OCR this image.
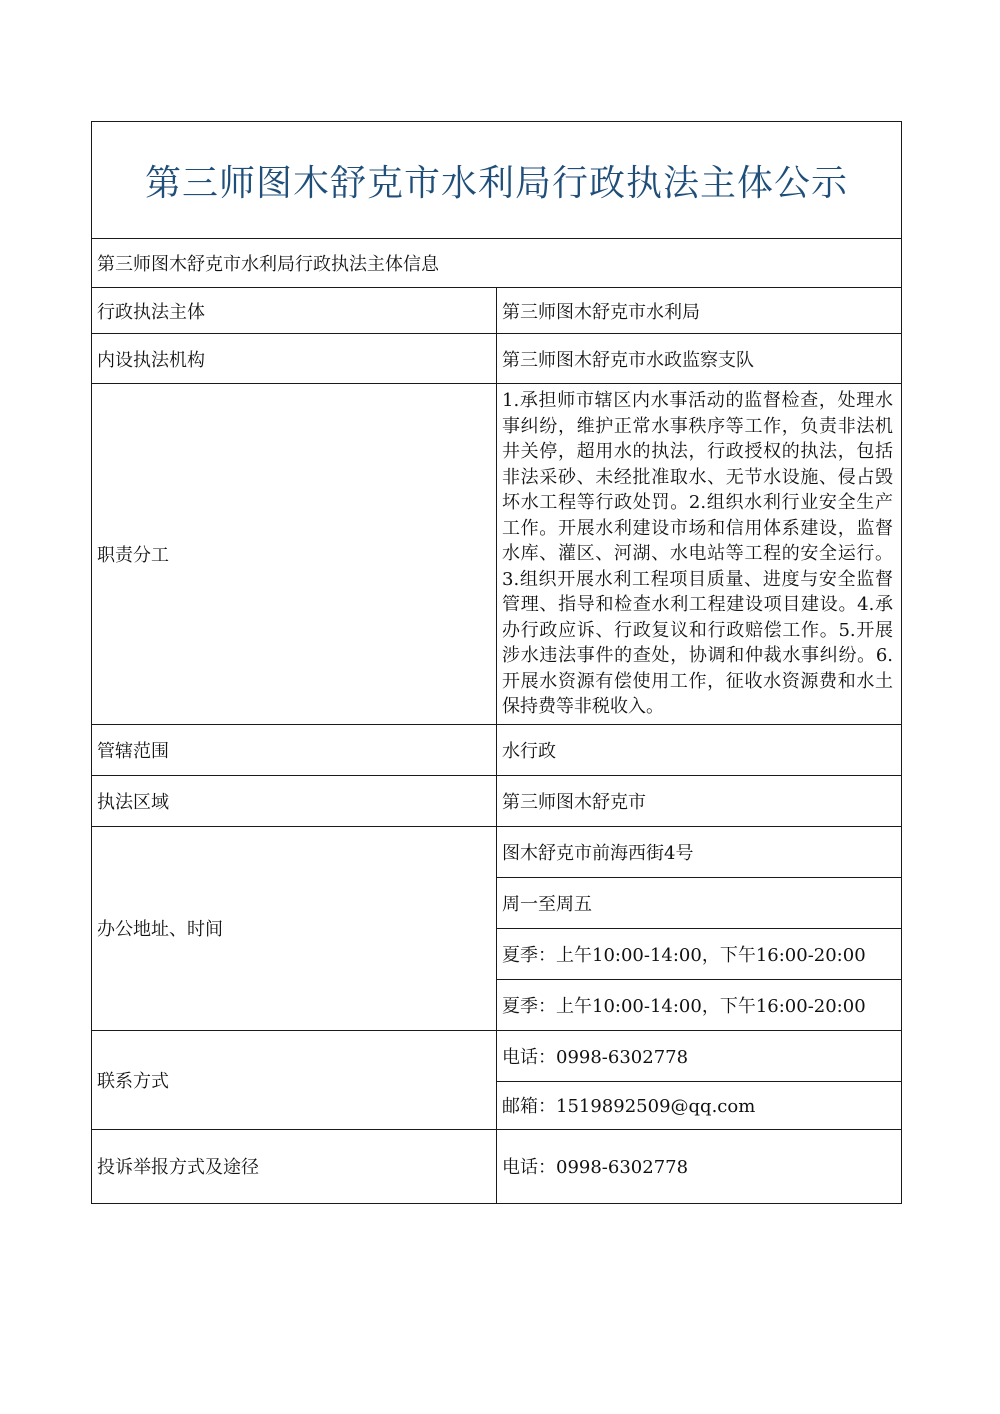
第三师图木舒克市水利局行政执法主体公示	
第三师图木舒克市水利局行政执法主体信息	
行政执法主体	第三师图木舒克市水利局
内设执法机构	第三师图木舒克市水政监察支队
职责分工	1.承担师市辖区内水事活动的监督检查，处理水事纠纷，维护正常水事秩序等工作，负责非法机井关停，超用水的执法，行政授权的执法，包括非法采砂、未经批准取水、无节水设施、侵占毁坏水工程等行政处罚。2.组织水利行业安全生产工作。开展水利建设市场和信用体系建设，监督水库、灌区、河湖、水电站等工程的安全运行。3.组织开展水利工程项目质量、进度与安全监督管理、指导和检查水利工程建设项目建设。4.承办行政应诉、行政复议和行政赔偿工作。5.开展涉水违法事件的查处，协调和仲裁水事纠纷。6.开展水资源有偿使用工作，征收水资源费和水土保持费等非税收入。
管辖范围	水行政
执法区域	第三师图木舒克市
办公地址、时间	图木舒克市前海西街4号
	周一至周五
	夏季：上午10:00-14:00，下午16:00-20:00
	夏季：上午10:00-14:00，下午16:00-20:00
联系方式	电话：0998-6302778
	邮箱：1519892509@qq.com
投诉举报方式及途径	电话：0998-6302778
